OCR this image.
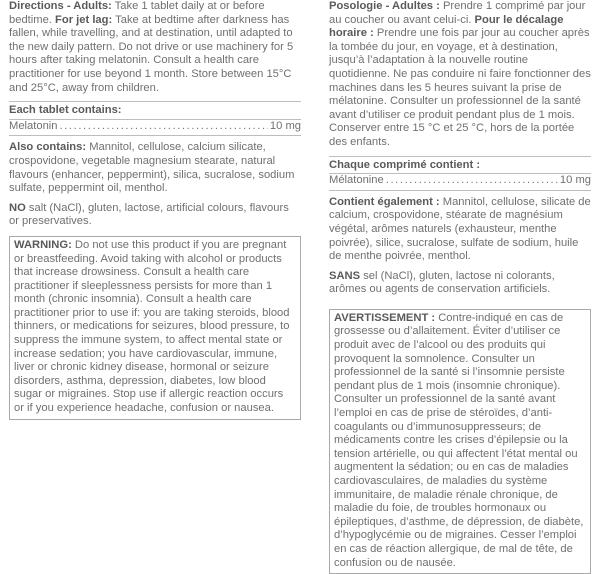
Directions - Adults: Take 1 tablet daily at or before bedtime. For jet lag: Take at bedtime after darkness has fallen, while travelling, and at destination, until adapted to the new daily pattern. Do not drive or use machinery for 5 hours after taking melatonin. Consult a health care practitioner for use beyond 1 month. Store between 15°C and 25°C, away from children.

Each tablet contains:
Melatonin .....	10 mg

Also contains: Mannitol, cellulose, calcium silicate, crospovidone, vegetable magnesium stearate, natural flavours (enhancer, peppermint), silica, sucralose, sodium sulfate, peppermint oil, menthol.

NO salt (NaCl), gluten, lactose, artificial colours, flavours or preservatives.

WARNING: Do not use this product if you are pregnant or breastfeeding. Avoid taking with alcohol or products that increase drowsiness. Consult a health care practitioner if sleeplessness persists for more than 1 month (chronic insomnia). Consult a health care practitioner prior to use if: you are taking steroids, blood thinners, or medications for seizures, blood pressure, to suppress the immune system, to affect mental state or increase sedation; you have cardiovascular, immune, liver or chronic kidney disease, hormonal or seizure disorders, asthma, depression, diabetes, low blood sugar or migraines. Stop use if allergic reaction occurs or if you experience headache, confusion or nausea.

Posologie - Adultes : Prendre 1 comprimé par jour au coucher ou avant celui-ci. Pour le décalage horaire : Prendre une fois par jour au coucher après la tombée du jour, en voyage, et à destination, jusqu’à l’adaptation à la nouvelle routine quotidienne. Ne pas conduire ni faire fonctionner des machines dans les 5 heures suivant la prise de mélatonine. Consulter un professionnel de la santé avant d’utiliser ce produit pendant plus de 1 mois. Conserver entre 15 °C et 25 °C, hors de la portée des enfants.

Chaque comprimé contient :
Mélatonine .....	10 mg

Contient également : Mannitol, cellulose, silicate de calcium, crospovidone, stéarate de magnésium végétal, arômes naturels (exhausteur, menthe poivrée), silice, sucralose, sulfate de sodium, huile de menthe poivrée, menthol.

SANS sel (NaCl), gluten, lactose ni colorants, arômes ou agents de conservation artificiels.

AVERTISSEMENT : Contre-indiqué en cas de grossesse ou d’allaitement. Éviter d’utiliser ce produit avec de l’alcool ou des produits qui provoquent la somnolence. Consulter un professionnel de la santé si l’insomnie persiste pendant plus de 1 mois (insomnie chronique). Consulter un professionnel de la santé avant l’emploi en cas de prise de stéroïdes, d’anti-coagulants ou d’immunosuppresseurs; de médicaments contre les crises d’épilepsie ou la tension artérielle, ou qui affectent l’état mental ou augmentent la sédation; ou en cas de maladies cardiovasculaires, de maladies du système immunitaire, de maladie rénale chronique, de maladie du foie, de troubles hormonaux ou épileptiques, d’asthme, de dépression, de diabète, d’hypoglycémie ou de migraines. Cesser l’emploi en cas de réaction allergique, de mal de tête, de confusion ou de nausée.
